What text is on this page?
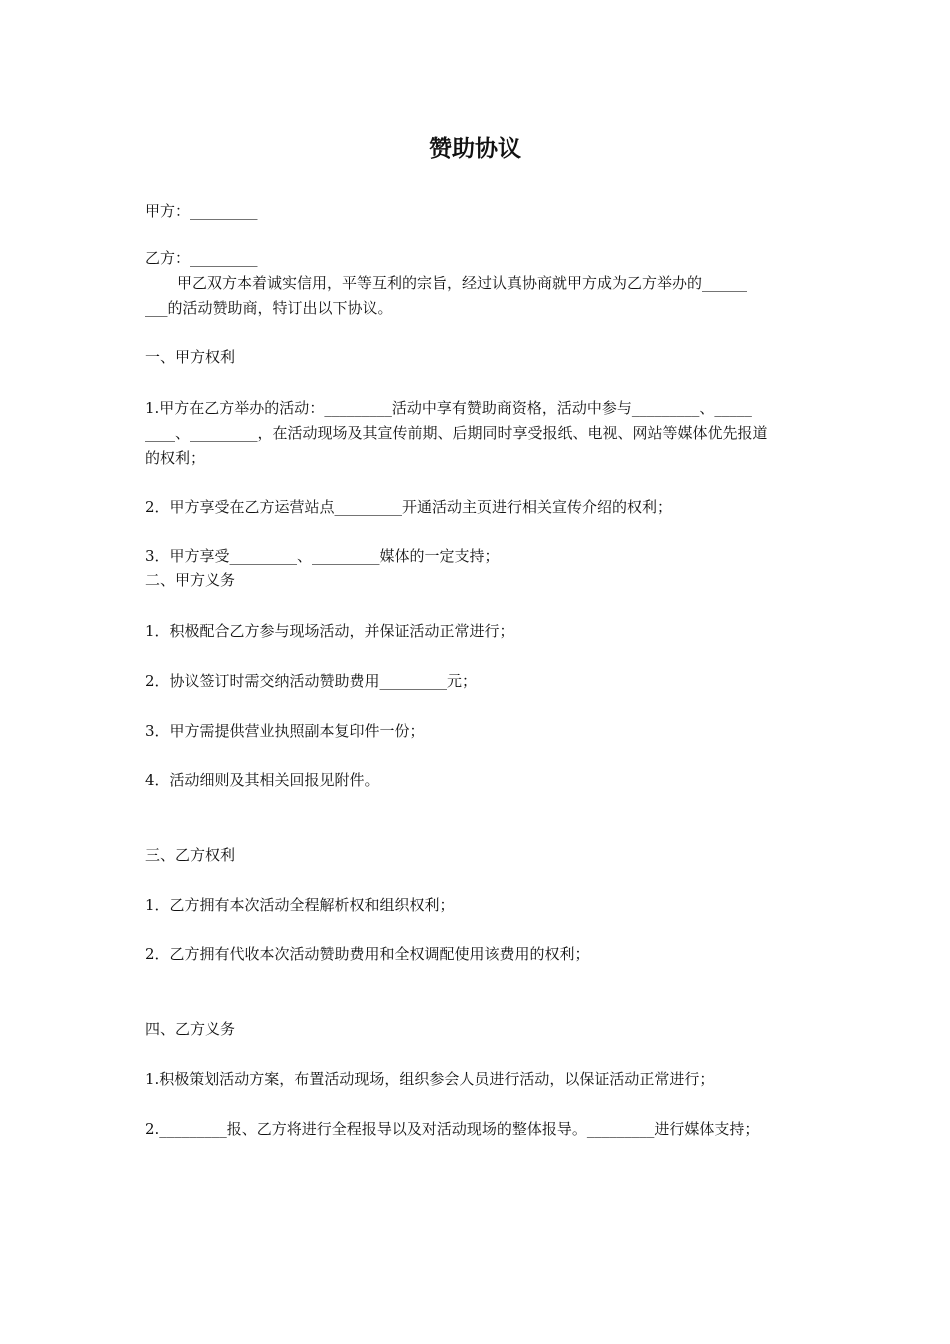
赞助协议
甲方：_________
乙方：_________
甲乙双方本着诚实信用，平等互利的宗旨，经过认真协商就甲方成为乙方举办的______
___的活动赞助商，特订出以下协议。
一、甲方权利
1.甲方在乙方举办的活动：_________活动中享有赞助商资格，活动中参与_________、_____
____、_________，在活动现场及其宣传前期、后期同时享受报纸、电视、网站等媒体优先报道
的权利；
2．甲方享受在乙方运营站点_________开通活动主页进行相关宣传介绍的权利；
3．甲方享受_________、_________媒体的一定支持；
二、甲方义务
1．积极配合乙方参与现场活动，并保证活动正常进行；
2．协议签订时需交纳活动赞助费用_________元；
3．甲方需提供营业执照副本复印件一份；
4．活动细则及其相关回报见附件。
三、乙方权利
1．乙方拥有本次活动全程解析权和组织权利；
2．乙方拥有代收本次活动赞助费用和全权调配使用该费用的权利；
四、乙方义务
1.积极策划活动方案，布置活动现场，组织参会人员进行活动，以保证活动正常进行；
2._________报、乙方将进行全程报导以及对活动现场的整体报导。_________进行媒体支持；
